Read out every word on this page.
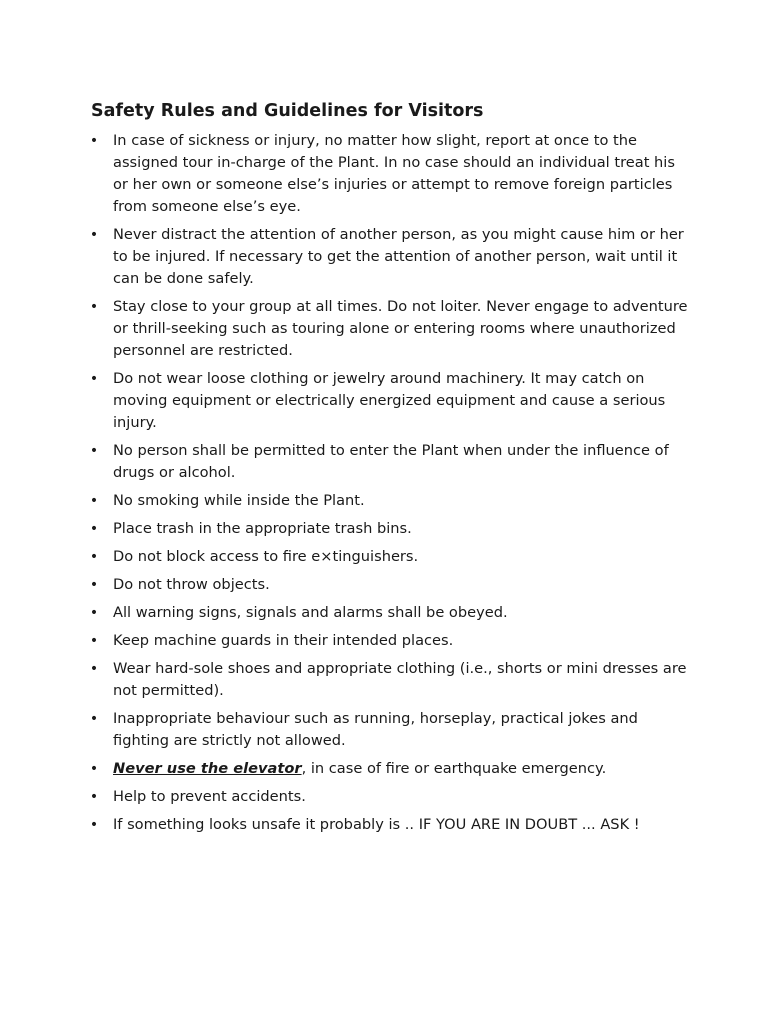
Safety Rules and Guidelines for Visitors
• In case of sickness or injury, no matter how slight, report at once to the assigned tour in-charge of the Plant. In no case should an individual treat his or her own or someone else’s injuries or attempt to remove foreign particles from someone else’s eye.
• Never distract the attention of another person, as you might cause him or her to be injured. If necessary to get the attention of another person, wait until it can be done safely.
• Stay close to your group at all times. Do not loiter. Never engage to adventure or thrill-seeking such as touring alone or entering rooms where unauthorized personnel are restricted.
• Do not wear loose clothing or jewelry around machinery. It may catch on moving equipment or electrically energized equipment and cause a serious injury.
• No person shall be permitted to enter the Plant when under the influence of drugs or alcohol.
• No smoking while inside the Plant.
• Place trash in the appropriate trash bins.
• Do not block access to fire e×tinguishers.
• Do not throw objects.
• All warning signs, signals and alarms shall be obeyed.
• Keep machine guards in their intended places.
• Wear hard-sole shoes and appropriate clothing (i.e., shorts or mini dresses are not permitted).
• Inappropriate behaviour such as running, horseplay, practical jokes and fighting are strictly not allowed.
• Never use the elevator, in case of fire or earthquake emergency.
• Help to prevent accidents.
• If something looks unsafe it probably is .. IF YOU ARE IN DOUBT ... ASK !
